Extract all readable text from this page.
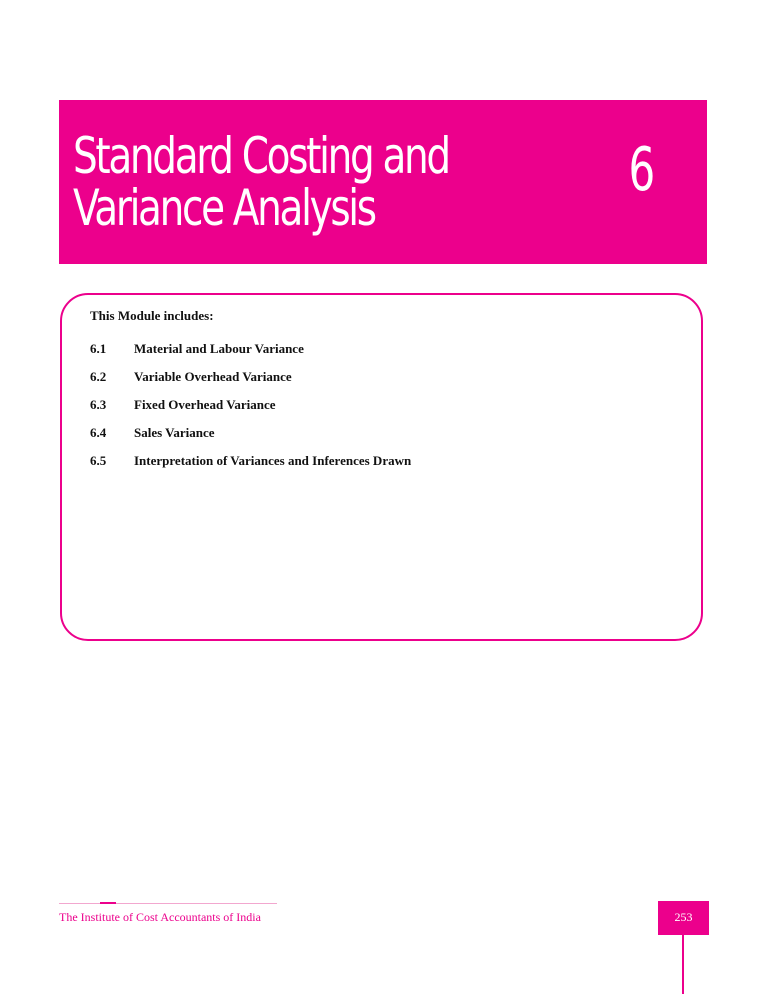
Standard Costing and Variance Analysis
6
This Module includes:
6.1	Material and Labour Variance
6.2	Variable Overhead Variance
6.3	Fixed Overhead Variance
6.4	Sales Variance
6.5	Interpretation of Variances and Inferences Drawn
The Institute of Cost Accountants of India	253
